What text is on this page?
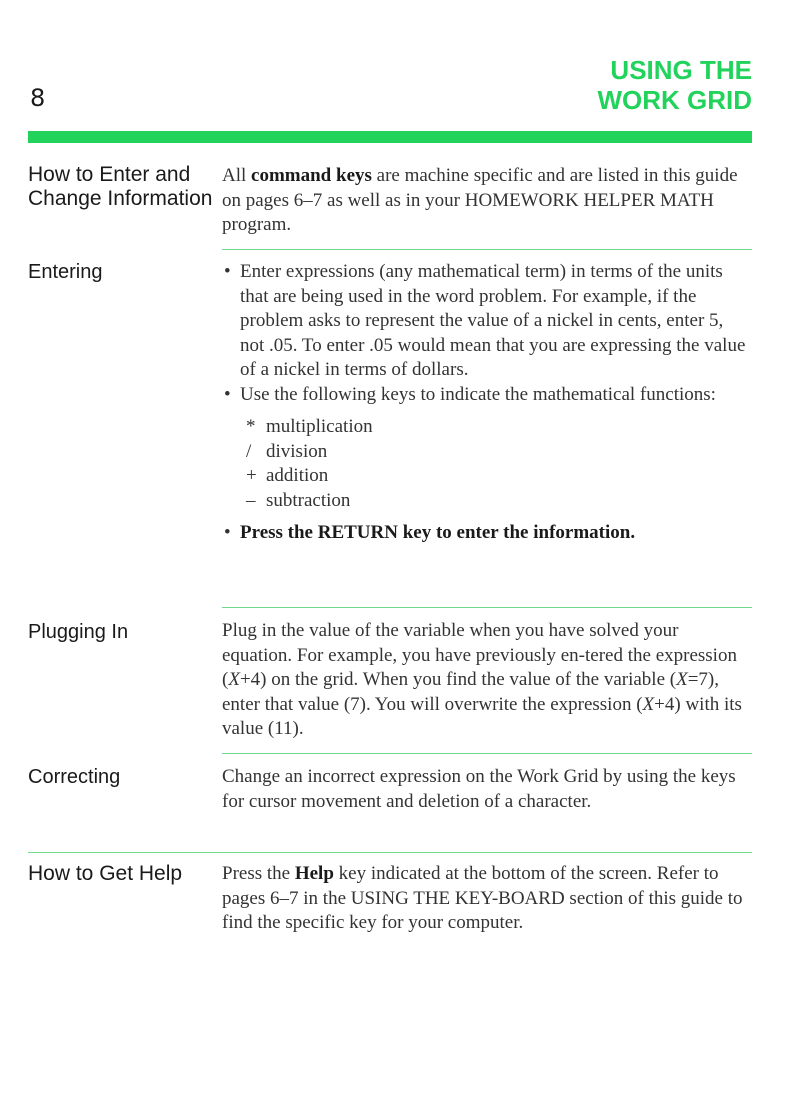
8
USING THE
WORK GRID
How to Enter and Change Information
All command keys are machine specific and are listed in this guide on pages 6–7 as well as in your HOMEWORK HELPER MATH program.
Entering
•	Enter expressions (any mathematical term) in terms of the units that are being used in the word problem. For example, if the problem asks to represent the value of a nickel in cents, enter 5, not .05. To enter .05 would mean that you are expressing the value of a nickel in terms of dollars.
• Use the following keys to indicate the mathematical functions:
* multiplication
/ division
+ addition
– subtraction
• Press the RETURN key to enter the information.
Plugging In	Plug in the value of the variable when you have solved your equation. For example, you have previously en-tered the expression (X+4) on the grid. When you find the value of the variable (X=7), enter that value (7). You will overwrite the expression (X+4) with its value (11).
Correcting	Change an incorrect expression on the Work Grid by using the keys for cursor movement and deletion of a character.
How to Get Help	Press the Help key indicated at the bottom of the screen. Refer to pages 6–7 in the USING THE KEY-BOARD section of this guide to find the specific key for your computer.
